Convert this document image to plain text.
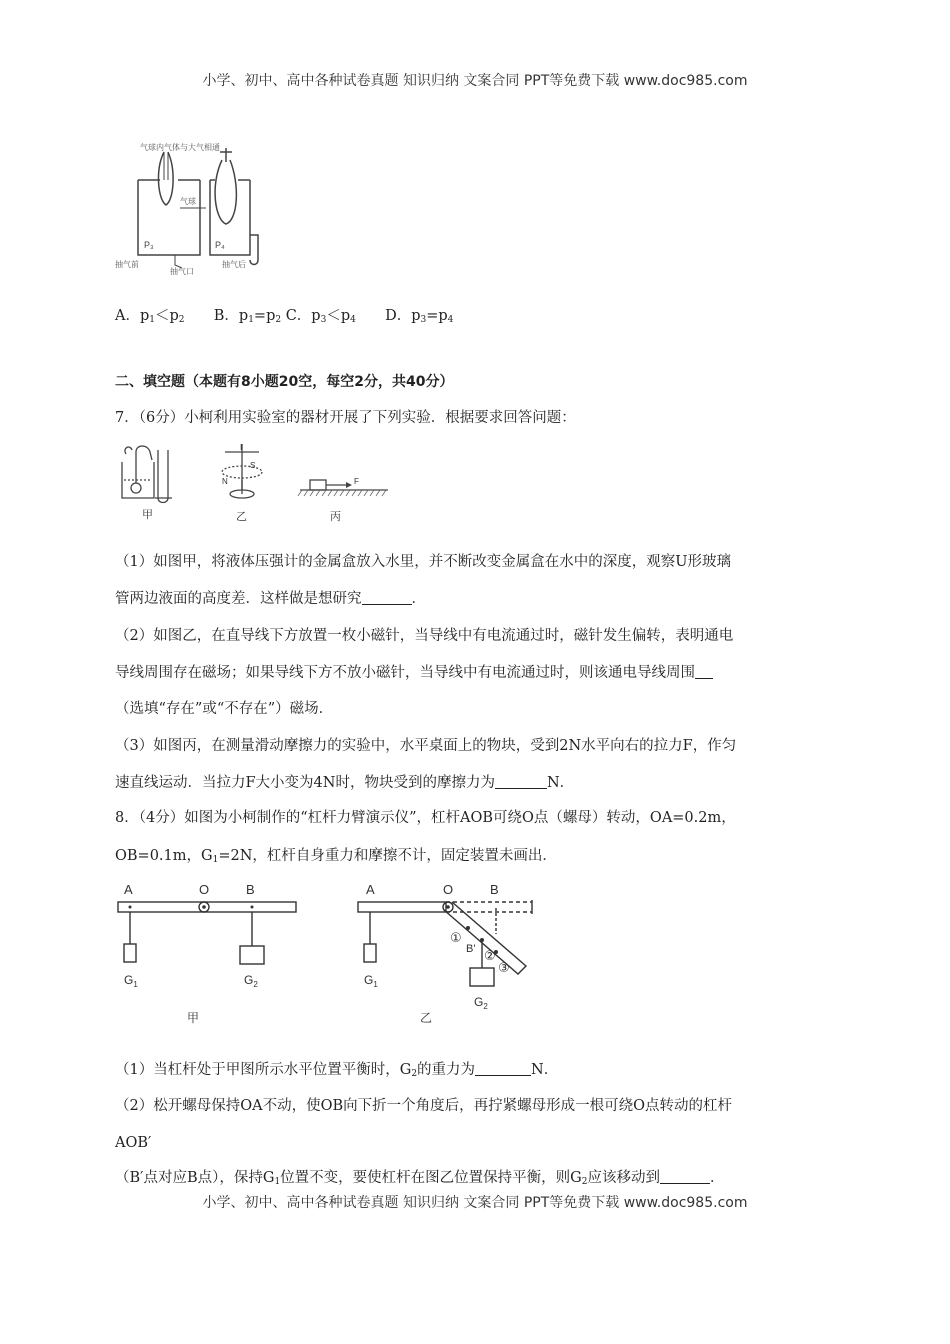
小学、初中、高中各种试卷真题 知识归纳 文案合同 PPT等免费下载 www.doc985.com
气球内气体与大气相通
气球
P₃	P₄
抽气前	抽气后
抽气口
A．$p_1<p_2$ B．$p_1=p_2$ C．$p_3<p_4$ D．$p_3=p_4$
二、填空题（本题有8小题20空，每空2分，共40分）
7．（6分）小柯利用实验室的器材开展了下列实验．根据要求回答问题：
甲
I
S
N
乙
F
丙
（1）如图甲，将液体压强计的金属盒放入水里，并不断改变金属盒在水中的深度，观察U形玻璃
管两边液面的高度差．这样做是想研究	．
（2）如图乙，在直导线下方放置一枚小磁针，当导线中有电流通过时，磁针发生偏转，表明通电
导线周围存在磁场；如果导线下方不放小磁针，当导线中有电流通过时，则该通电导线周围
（选填“存在”或“不存在”）磁场．
（3）如图丙，在测量滑动摩擦力的实验中，水平桌面上的物块，受到2N水平向右的拉力F，作匀
速直线运动．当拉力F大小变为4N时，物块受到的摩擦力为	N．
8．（4分）如图为小柯制作的“杠杆力臂演示仪”，杠杆AOB可绕O点（螺母）转动，OA=0.2m，
OB=0.1m，$G_1=2N$，杠杆自身重力和摩擦不计，固定装置未画出．
A	O	B
$G_1$	$G_2$
甲
A	O	B
①
B' ②
③
$G_1$
$G_2$
乙
（1）当杠杆处于甲图所示水平位置平衡时，$G_2$的重力为	N．
（2）松开螺母保持OA不动，使OB向下折一个角度后，再拧紧螺母形成一根可绕O点转动的杠杆
AOB′
（B′点对应B点），保持$G_1$位置不变，要使杠杆在图乙位置保持平衡，则$G_2$应该移动到	．
小学、初中、高中各种试卷真题 知识归纳 文案合同 PPT等免费下载 www.doc985.com
